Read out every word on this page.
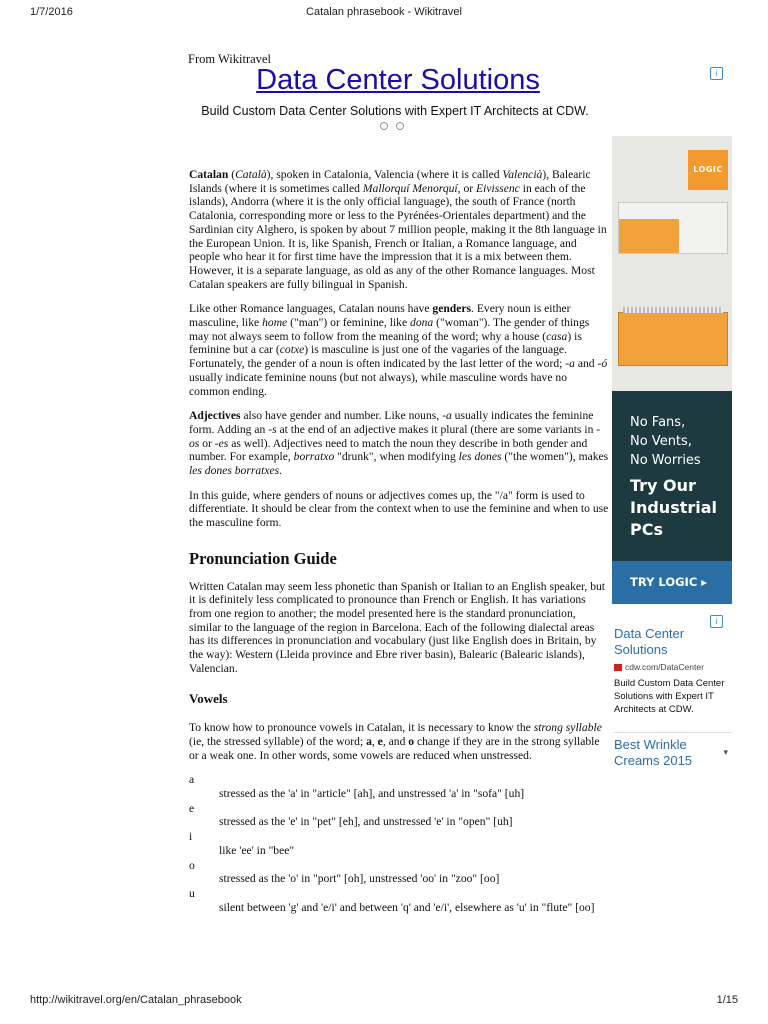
1/7/2016	Catalan phrasebook - Wikitravel
From Wikitravel
Data Center Solutions
Build Custom Data Center Solutions with Expert IT Architects at CDW.
i

Catalan (Català), spoken in Catalonia, Valencia (where it is called Valencià), Balearic Islands (where it is sometimes called Mallorquí Menorquí, or Eivissenc in each of the islands), Andorra (where it is the only official language), the south of France (north Catalonia, corresponding more or less to the Pyrénées-Orientales department) and the Sardinian city Alghero, is spoken by about 7 million people, making it the 8th language in the European Union. It is, like Spanish, French or Italian, a Romance language, and people who hear it for first time have the impression that it is a mix between them. However, it is a separate language, as old as any of the other Romance languages. Most Catalan speakers are fully bilingual in Spanish.

Like other Romance languages, Catalan nouns have genders. Every noun is either masculine, like home ("man") or feminine, like dona ("woman"). The gender of things may not always seem to follow from the meaning of the word; why a house (casa) is feminine but a car (cotxe) is masculine is just one of the vagaries of the language. Fortunately, the gender of a noun is often indicated by the last letter of the word; -a and -ó usually indicate feminine nouns (but not always), while masculine words have no common ending.

Adjectives also have gender and number. Like nouns, -a usually indicates the feminine form. Adding an -s at the end of an adjective makes it plural (there are some variants in -os or -es as well). Adjectives need to match the noun they describe in both gender and number. For example, borratxo "drunk", when modifying les dones ("the women"), makes les dones borratxes.

In this guide, where genders of nouns or adjectives comes up, the "/a" form is used to differentiate. It should be clear from the context when to use the feminine and when to use the masculine form.

Pronunciation Guide

Written Catalan may seem less phonetic than Spanish or Italian to an English speaker, but it is definitely less complicated to pronounce than French or English. It has variations from one region to another; the model presented here is the standard pronunciation, similar to the language of the region in Barcelona. Each of the following dialectal areas has its differences in pronunciation and vocabulary (just like English does in Britain, by the way): Western (Lleida province and Ebre river basin), Balearic (Balearic islands), Valencian.

Vowels

To know how to pronounce vowels in Catalan, it is necessary to know the strong syllable (ie, the stressed syllable) of the word; a, e, and o change if they are in the strong syllable or a weak one. In other words, some vowels are reduced when unstressed.

a
stressed as the 'a' in "article" [ah], and unstressed 'a' in "sofa" [uh]
e
stressed as the 'e' in "pet" [eh], and unstressed 'e' in "open" [uh]
i
like 'ee' in "bee"
o
stressed as the 'o' in "port" [oh], unstressed 'oo' in "zoo" [oo]
u
silent between 'g' and 'e/i' and between 'q' and 'e/i', elsewhere as 'u' in "flute" [oo]
LOGIC
No Fans,
No Vents,
No Worries
Try Our
Industrial
PCs
TRY LOGIC ▸
i
Data Center Solutions
cdw.com/DataCenter
Build Custom Data Center Solutions with Expert IT Architects at CDW.
Best Wrinkle Creams 2015
▾
http://wikitravel.org/en/Catalan_phrasebook	1/15
